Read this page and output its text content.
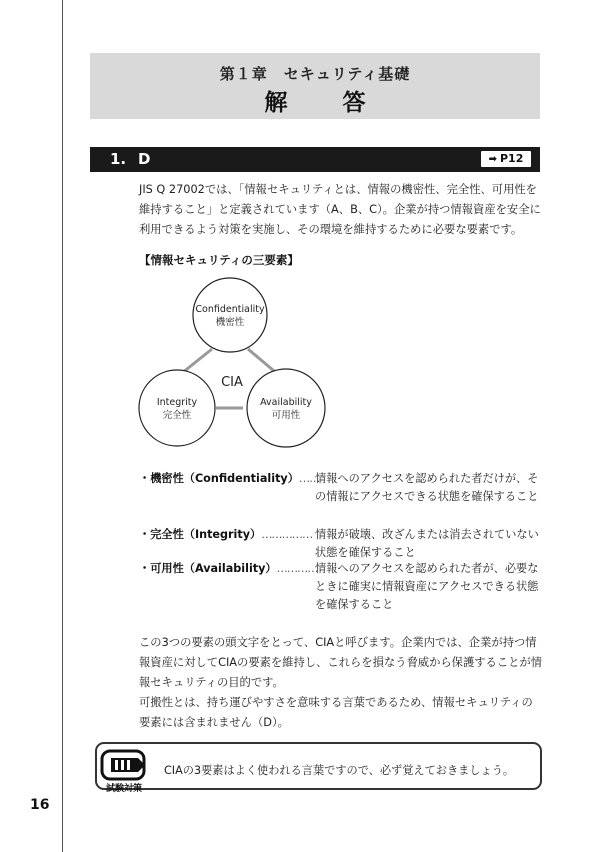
第１章　セキュリティ基礎
解　答
1. D	➡ P12

JIS Q 27002では、「情報セキュリティとは、情報の機密性、完全性、可用性を維持すること」と定義されています（A、B、C）。企業が持つ情報資産を安全に利用できるよう対策を実施し、その環境を維持するために必要な要素です。

【情報セキュリティの三要素】
Confidentiality
機密性
Integrity
完全性
Availability
可用性
CIA
・機密性（Confidentiality）……
情報へのアクセスを認められた者だけが、その情報にアクセスできる状態を確保すること
・完全性（Integrity）…………… 情報が破壊、改ざんまたは消去されていない状態を確保すること
・可用性（Availability）…………
情報へのアクセスを認められた者が、必要なときに確実に情報資産にアクセスできる状態を確保すること

この3つの要素の頭文字をとって、CIAと呼びます。企業内では、企業が持つ情報資産に対してCIAの要素を維持し、これらを損なう脅威から保護することが情報セキュリティの目的です。

可搬性とは、持ち運びやすさを意味する言葉であるため、情報セキュリティの要素には含まれません（D）。

試験対策
CIAの3要素はよく使われる言葉ですので、必ず覚えておきましょう。
16
